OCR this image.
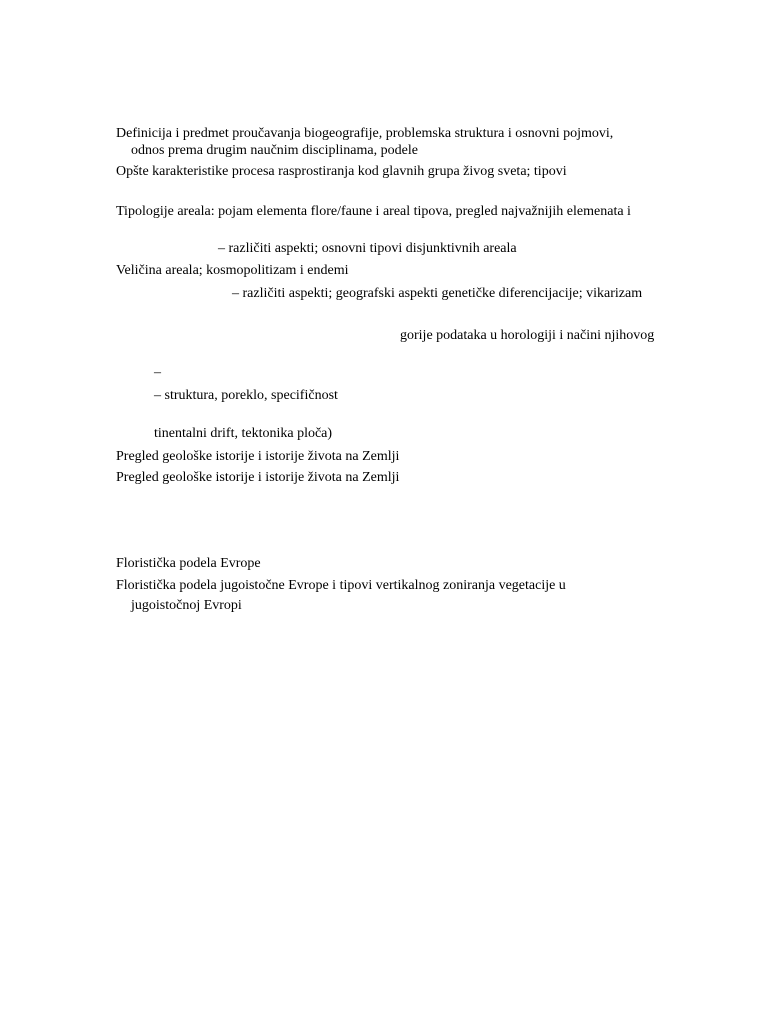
Definicija i predmet proučavanja biogeografije, problemska struktura i osnovni pojmovi,
odnos prema drugim naučnim disciplinama, podele
Opšte karakteristike procesa rasprostiranja kod glavnih grupa živog sveta; tipovi
Tipologije areala: pojam elementa flore/faune i areal tipova, pregled najvažnijih elemenata i
– različiti aspekti; osnovni tipovi disjunktivnih areala
Veličina areala; kosmopolitizam i endemi
– različiti aspekti; geografski aspekti genetičke diferencijacije; vikarizam
gorije podataka u horologiji i načini njihovog
–
– struktura, poreklo, specifičnost
tinentalni drift, tektonika ploča)
Pregled geološke istorije i istorije života na Zemlji
Pregled geološke istorije i istorije života na Zemlji
Floristička podela Evrope
Floristička podela jugoistočne Evrope i tipovi vertikalnog zoniranja vegetacije u
jugoistočnoj Evropi
